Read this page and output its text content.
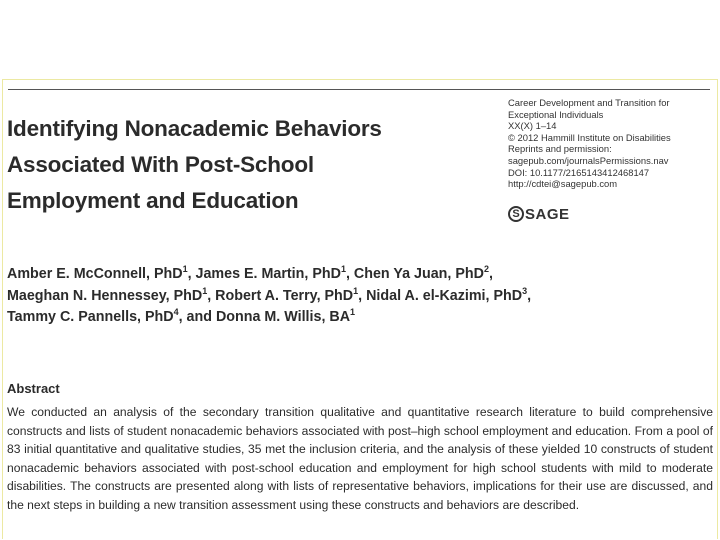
Identifying Nonacademic Behaviors
Associated With Post-School
Employment and Education
Career Development and Transition for
Exceptional Individuals
XX(X) 1–14
© 2012 Hammill Institute on Disabilities
Reprints and permission:
sagepub.com/journalsPermissions.nav
DOI: 10.1177/2165143412468147
http://cdtei@sagepub.com
S SAGE
Amber E. McConnell, PhD$^1$, James E. Martin, PhD$^1$, Chen Ya Juan, PhD$^2$,
Maeghan N. Hennessey, PhD$^1$, Robert A. Terry, PhD$^1$, Nidal A. el-Kazimi, PhD$^3$,
Tammy C. Pannells, PhD$^4$, and Donna M. Willis, $BA^1$
Abstract

We conducted an analysis of the secondary transition qualitative and quantitative research literature to build comprehensive constructs and lists of student nonacademic behaviors associated with post–high school employment and education. From a pool of 83 initial quantitative and qualitative studies, 35 met the inclusion criteria, and the analysis of these yielded 10 constructs of student nonacademic behaviors associated with post-school education and employment for high school students with mild to moderate disabilities. The constructs are presented along with lists of representative behaviors, implications for their use are discussed, and the next steps in building a new transition assessment using these constructs and behaviors are described.
